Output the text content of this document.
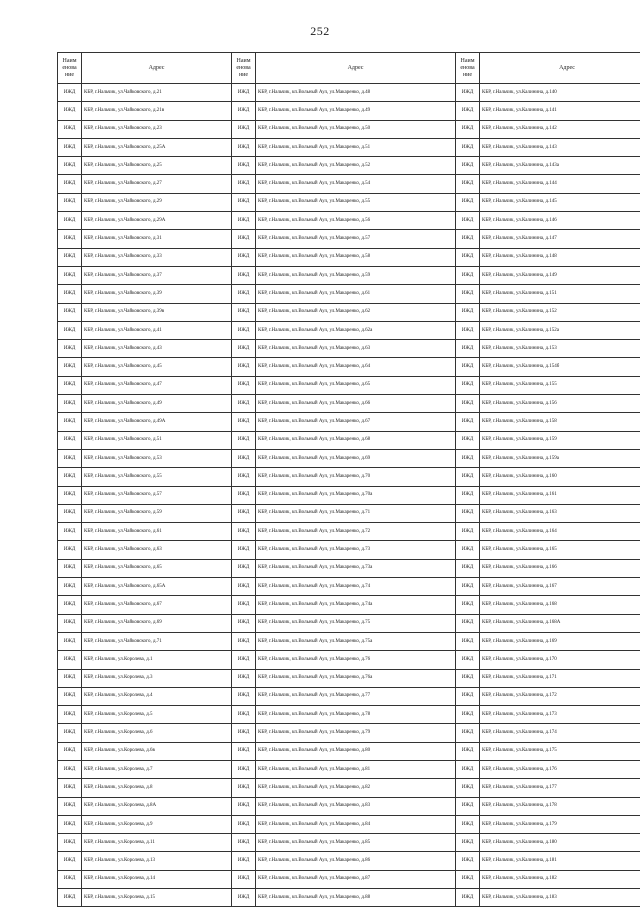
252
Наим енова ние	Адрес	Наим енова ние	Адрес	Наим енова ние	Адрес
ИЖД	КБР, г.Нальчик, ул.Чайковского, д.21	ИЖД	КБР, г.Нальчик, кп.Вольный Аул, ул.Макаренко, д.48	ИЖД	КБР, г.Нальчик, ул.Калинина, д.140
ИЖД	КБР, г.Нальчик, ул.Чайковского, д.21в	ИЖД	КБР, г.Нальчик, кп.Вольный Аул, ул.Макаренко, д.49	ИЖД	КБР, г.Нальчик, ул.Калинина, д.141
ИЖД	КБР, г.Нальчик, ул.Чайковского, д.23	ИЖД	КБР, г.Нальчик, кп.Вольный Аул, ул.Макаренко, д.50	ИЖД	КБР, г.Нальчик, ул.Калинина, д.142
ИЖД	КБР, г.Нальчик, ул.Чайковского, д.25А	ИЖД	КБР, г.Нальчик, кп.Вольный Аул, ул.Макаренко, д.51	ИЖД	КБР, г.Нальчик, ул.Калинина, д.143
ИЖД	КБР, г.Нальчик, ул.Чайковского, д.25	ИЖД	КБР, г.Нальчик, кп.Вольный Аул, ул.Макаренко, д.52	ИЖД	КБР, г.Нальчик, ул.Калинина, д.143а
ИЖД	КБР, г.Нальчик, ул.Чайковского, д.27	ИЖД	КБР, г.Нальчик, кп.Вольный Аул, ул.Макаренко, д.54	ИЖД	КБР, г.Нальчик, ул.Калинина, д.144
ИЖД	КБР, г.Нальчик, ул.Чайковского, д.29	ИЖД	КБР, г.Нальчик, кп.Вольный Аул, ул.Макаренко, д.55	ИЖД	КБР, г.Нальчик, ул.Калинина, д.145
ИЖД	КБР, г.Нальчик, ул.Чайковского, д.29А	ИЖД	КБР, г.Нальчик, кп.Вольный Аул, ул.Макаренко, д.56	ИЖД	КБР, г.Нальчик, ул.Калинина, д.146
ИЖД	КБР, г.Нальчик, ул.Чайковского, д.31	ИЖД	КБР, г.Нальчик, кп.Вольный Аул, ул.Макаренко, д.57	ИЖД	КБР, г.Нальчик, ул.Калинина, д.147
ИЖД	КБР, г.Нальчик, ул.Чайковского, д.33	ИЖД	КБР, г.Нальчик, кп.Вольный Аул, ул.Макаренко, д.58	ИЖД	КБР, г.Нальчик, ул.Калинина, д.148
ИЖД	КБР, г.Нальчик, ул.Чайковского, д.37	ИЖД	КБР, г.Нальчик, кп.Вольный Аул, ул.Макаренко, д.59	ИЖД	КБР, г.Нальчик, ул.Калинина, д.149
ИЖД	КБР, г.Нальчик, ул.Чайковского, д.39	ИЖД	КБР, г.Нальчик, кп.Вольный Аул, ул.Макаренко, д.61	ИЖД	КБР, г.Нальчик, ул.Калинина, д.151
ИЖД	КБР, г.Нальчик, ул.Чайковского, д.39в	ИЖД	КБР, г.Нальчик, кп.Вольный Аул, ул.Макаренко, д.62	ИЖД	КБР, г.Нальчик, ул.Калинина, д.152
ИЖД	КБР, г.Нальчик, ул.Чайковского, д.41	ИЖД	КБР, г.Нальчик, кп.Вольный Аул, ул.Макаренко, д.62а	ИЖД	КБР, г.Нальчик, ул.Калинина, д.152а
ИЖД	КБР, г.Нальчик, ул.Чайковского, д.43	ИЖД	КБР, г.Нальчик, кп.Вольный Аул, ул.Макаренко, д.63	ИЖД	КБР, г.Нальчик, ул.Калинина, д.153
ИЖД	КБР, г.Нальчик, ул.Чайковского, д.45	ИЖД	КБР, г.Нальчик, кп.Вольный Аул, ул.Макаренко, д.64	ИЖД	КБР, г.Нальчик, ул.Калинина, д.154б
ИЖД	КБР, г.Нальчик, ул.Чайковского, д.47	ИЖД	КБР, г.Нальчик, кп.Вольный Аул, ул.Макаренко, д.65	ИЖД	КБР, г.Нальчик, ул.Калинина, д.155
ИЖД	КБР, г.Нальчик, ул.Чайковского, д.49	ИЖД	КБР, г.Нальчик, кп.Вольный Аул, ул.Макаренко, д.66	ИЖД	КБР, г.Нальчик, ул.Калинина, д.156
ИЖД	КБР, г.Нальчик, ул.Чайковского, д.49А	ИЖД	КБР, г.Нальчик, кп.Вольный Аул, ул.Макаренко, д.67	ИЖД	КБР, г.Нальчик, ул.Калинина, д.158
ИЖД	КБР, г.Нальчик, ул.Чайковского, д.51	ИЖД	КБР, г.Нальчик, кп.Вольный Аул, ул.Макаренко, д.68	ИЖД	КБР, г.Нальчик, ул.Калинина, д.159
ИЖД	КБР, г.Нальчик, ул.Чайковского, д.53	ИЖД	КБР, г.Нальчик, кп.Вольный Аул, ул.Макаренко, д.69	ИЖД	КБР, г.Нальчик, ул.Калинина, д.159а
ИЖД	КБР, г.Нальчик, ул.Чайковского, д.55	ИЖД	КБР, г.Нальчик, кп.Вольный Аул, ул.Макаренко, д.70	ИЖД	КБР, г.Нальчик, ул.Калинина, д.160
ИЖД	КБР, г.Нальчик, ул.Чайковского, д.57	ИЖД	КБР, г.Нальчик, кп.Вольный Аул, ул.Макаренко, д.70а	ИЖД	КБР, г.Нальчик, ул.Калинина, д.161
ИЖД	КБР, г.Нальчик, ул.Чайковского, д.59	ИЖД	КБР, г.Нальчик, кп.Вольный Аул, ул.Макаренко, д.71	ИЖД	КБР, г.Нальчик, ул.Калинина, д.163
ИЖД	КБР, г.Нальчик, ул.Чайковского, д.61	ИЖД	КБР, г.Нальчик, кп.Вольный Аул, ул.Макаренко, д.72	ИЖД	КБР, г.Нальчик, ул.Калинина, д.164
ИЖД	КБР, г.Нальчик, ул.Чайковского, д.63	ИЖД	КБР, г.Нальчик, кп.Вольный Аул, ул.Макаренко, д.73	ИЖД	КБР, г.Нальчик, ул.Калинина, д.165
ИЖД	КБР, г.Нальчик, ул.Чайковского, д.65	ИЖД	КБР, г.Нальчик, кп.Вольный Аул, ул.Макаренко, д.73а	ИЖД	КБР, г.Нальчик, ул.Калинина, д.166
ИЖД	КБР, г.Нальчик, ул.Чайковского, д.65А	ИЖД	КБР, г.Нальчик, кп.Вольный Аул, ул.Макаренко, д.74	ИЖД	КБР, г.Нальчик, ул.Калинина, д.167
ИЖД	КБР, г.Нальчик, ул.Чайковского, д.67	ИЖД	КБР, г.Нальчик, кп.Вольный Аул, ул.Макаренко, д.74а	ИЖД	КБР, г.Нальчик, ул.Калинина, д.168
ИЖД	КБР, г.Нальчик, ул.Чайковского, д.69	ИЖД	КБР, г.Нальчик, кп.Вольный Аул, ул.Макаренко, д.75	ИЖД	КБР, г.Нальчик, ул.Калинина, д.168А
ИЖД	КБР, г.Нальчик, ул.Чайковского, д.71	ИЖД	КБР, г.Нальчик, кп.Вольный Аул, ул.Макаренко, д.75а	ИЖД	КБР, г.Нальчик, ул.Калинина, д.169
ИЖД	КБР, г.Нальчик, ул.Королева, д.1	ИЖД	КБР, г.Нальчик, кп.Вольный Аул, ул.Макаренко, д.76	ИЖД	КБР, г.Нальчик, ул.Калинина, д.170
ИЖД	КБР, г.Нальчик, ул.Королева, д.3	ИЖД	КБР, г.Нальчик, кп.Вольный Аул, ул.Макаренко, д.76а	ИЖД	КБР, г.Нальчик, ул.Калинина, д.171
ИЖД	КБР, г.Нальчик, ул.Королева, д.4	ИЖД	КБР, г.Нальчик, кп.Вольный Аул, ул.Макаренко, д.77	ИЖД	КБР, г.Нальчик, ул.Калинина, д.172
ИЖД	КБР, г.Нальчик, ул.Королева, д.5	ИЖД	КБР, г.Нальчик, кп.Вольный Аул, ул.Макаренко, д.78	ИЖД	КБР, г.Нальчик, ул.Калинина, д.173
ИЖД	КБР, г.Нальчик, ул.Королева, д.6	ИЖД	КБР, г.Нальчик, кп.Вольный Аул, ул.Макаренко, д.79	ИЖД	КБР, г.Нальчик, ул.Калинина, д.174
ИЖД	КБР, г.Нальчик, ул.Королева, д.6в	ИЖД	КБР, г.Нальчик, кп.Вольный Аул, ул.Макаренко, д.80	ИЖД	КБР, г.Нальчик, ул.Калинина, д.175
ИЖД	КБР, г.Нальчик, ул.Королева, д.7	ИЖД	КБР, г.Нальчик, кп.Вольный Аул, ул.Макаренко, д.81	ИЖД	КБР, г.Нальчик, ул.Калинина, д.176
ИЖД	КБР, г.Нальчик, ул.Королева, д.8	ИЖД	КБР, г.Нальчик, кп.Вольный Аул, ул.Макаренко, д.82	ИЖД	КБР, г.Нальчик, ул.Калинина, д.177
ИЖД	КБР, г.Нальчик, ул.Королева, д.8А	ИЖД	КБР, г.Нальчик, кп.Вольный Аул, ул.Макаренко, д.83	ИЖД	КБР, г.Нальчик, ул.Калинина, д.178
ИЖД	КБР, г.Нальчик, ул.Королева, д.9	ИЖД	КБР, г.Нальчик, кп.Вольный Аул, ул.Макаренко, д.84	ИЖД	КБР, г.Нальчик, ул.Калинина, д.179
ИЖД	КБР, г.Нальчик, ул.Королева, д.11	ИЖД	КБР, г.Нальчик, кп.Вольный Аул, ул.Макаренко, д.85	ИЖД	КБР, г.Нальчик, ул.Калинина, д.180
ИЖД	КБР, г.Нальчик, ул.Королева, д.13	ИЖД	КБР, г.Нальчик, кп.Вольный Аул, ул.Макаренко, д.86	ИЖД	КБР, г.Нальчик, ул.Калинина, д.181
ИЖД	КБР, г.Нальчик, ул.Королева, д.14	ИЖД	КБР, г.Нальчик, кп.Вольный Аул, ул.Макаренко, д.87	ИЖД	КБР, г.Нальчик, ул.Калинина, д.182
ИЖД	КБР, г.Нальчик, ул.Королева, д.15	ИЖД	КБР, г.Нальчик, кп.Вольный Аул, ул.Макаренко, д.88	ИЖД	КБР, г.Нальчик, ул.Калинина, д.183
